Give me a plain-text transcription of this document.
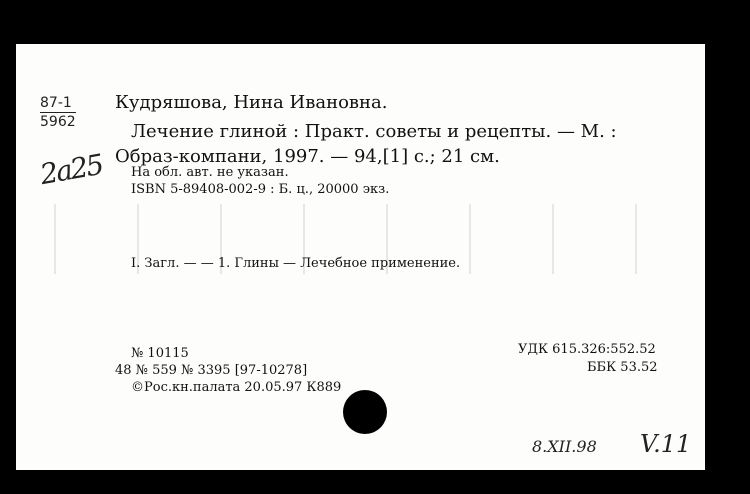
87-1
5962
2a25
Кудряшова, Нина Ивановна.
Лечение глиной : Практ. советы и рецепты. — М. :
Образ-компани, 1997. — 94,[1] с.; 21 см.
На обл. авт. не указан.
ISBN 5-89408-002-9 : Б. ц., 20000 экз.
I. Загл. — — 1. Глины — Лечебное применение.
№ 10115
48 № 559 № 3395 [97-10278]
©Рос.кн.палата 20.05.97 К889
УДК 615.326:552.52
ББК 53.52
8.XII.98 V.11
